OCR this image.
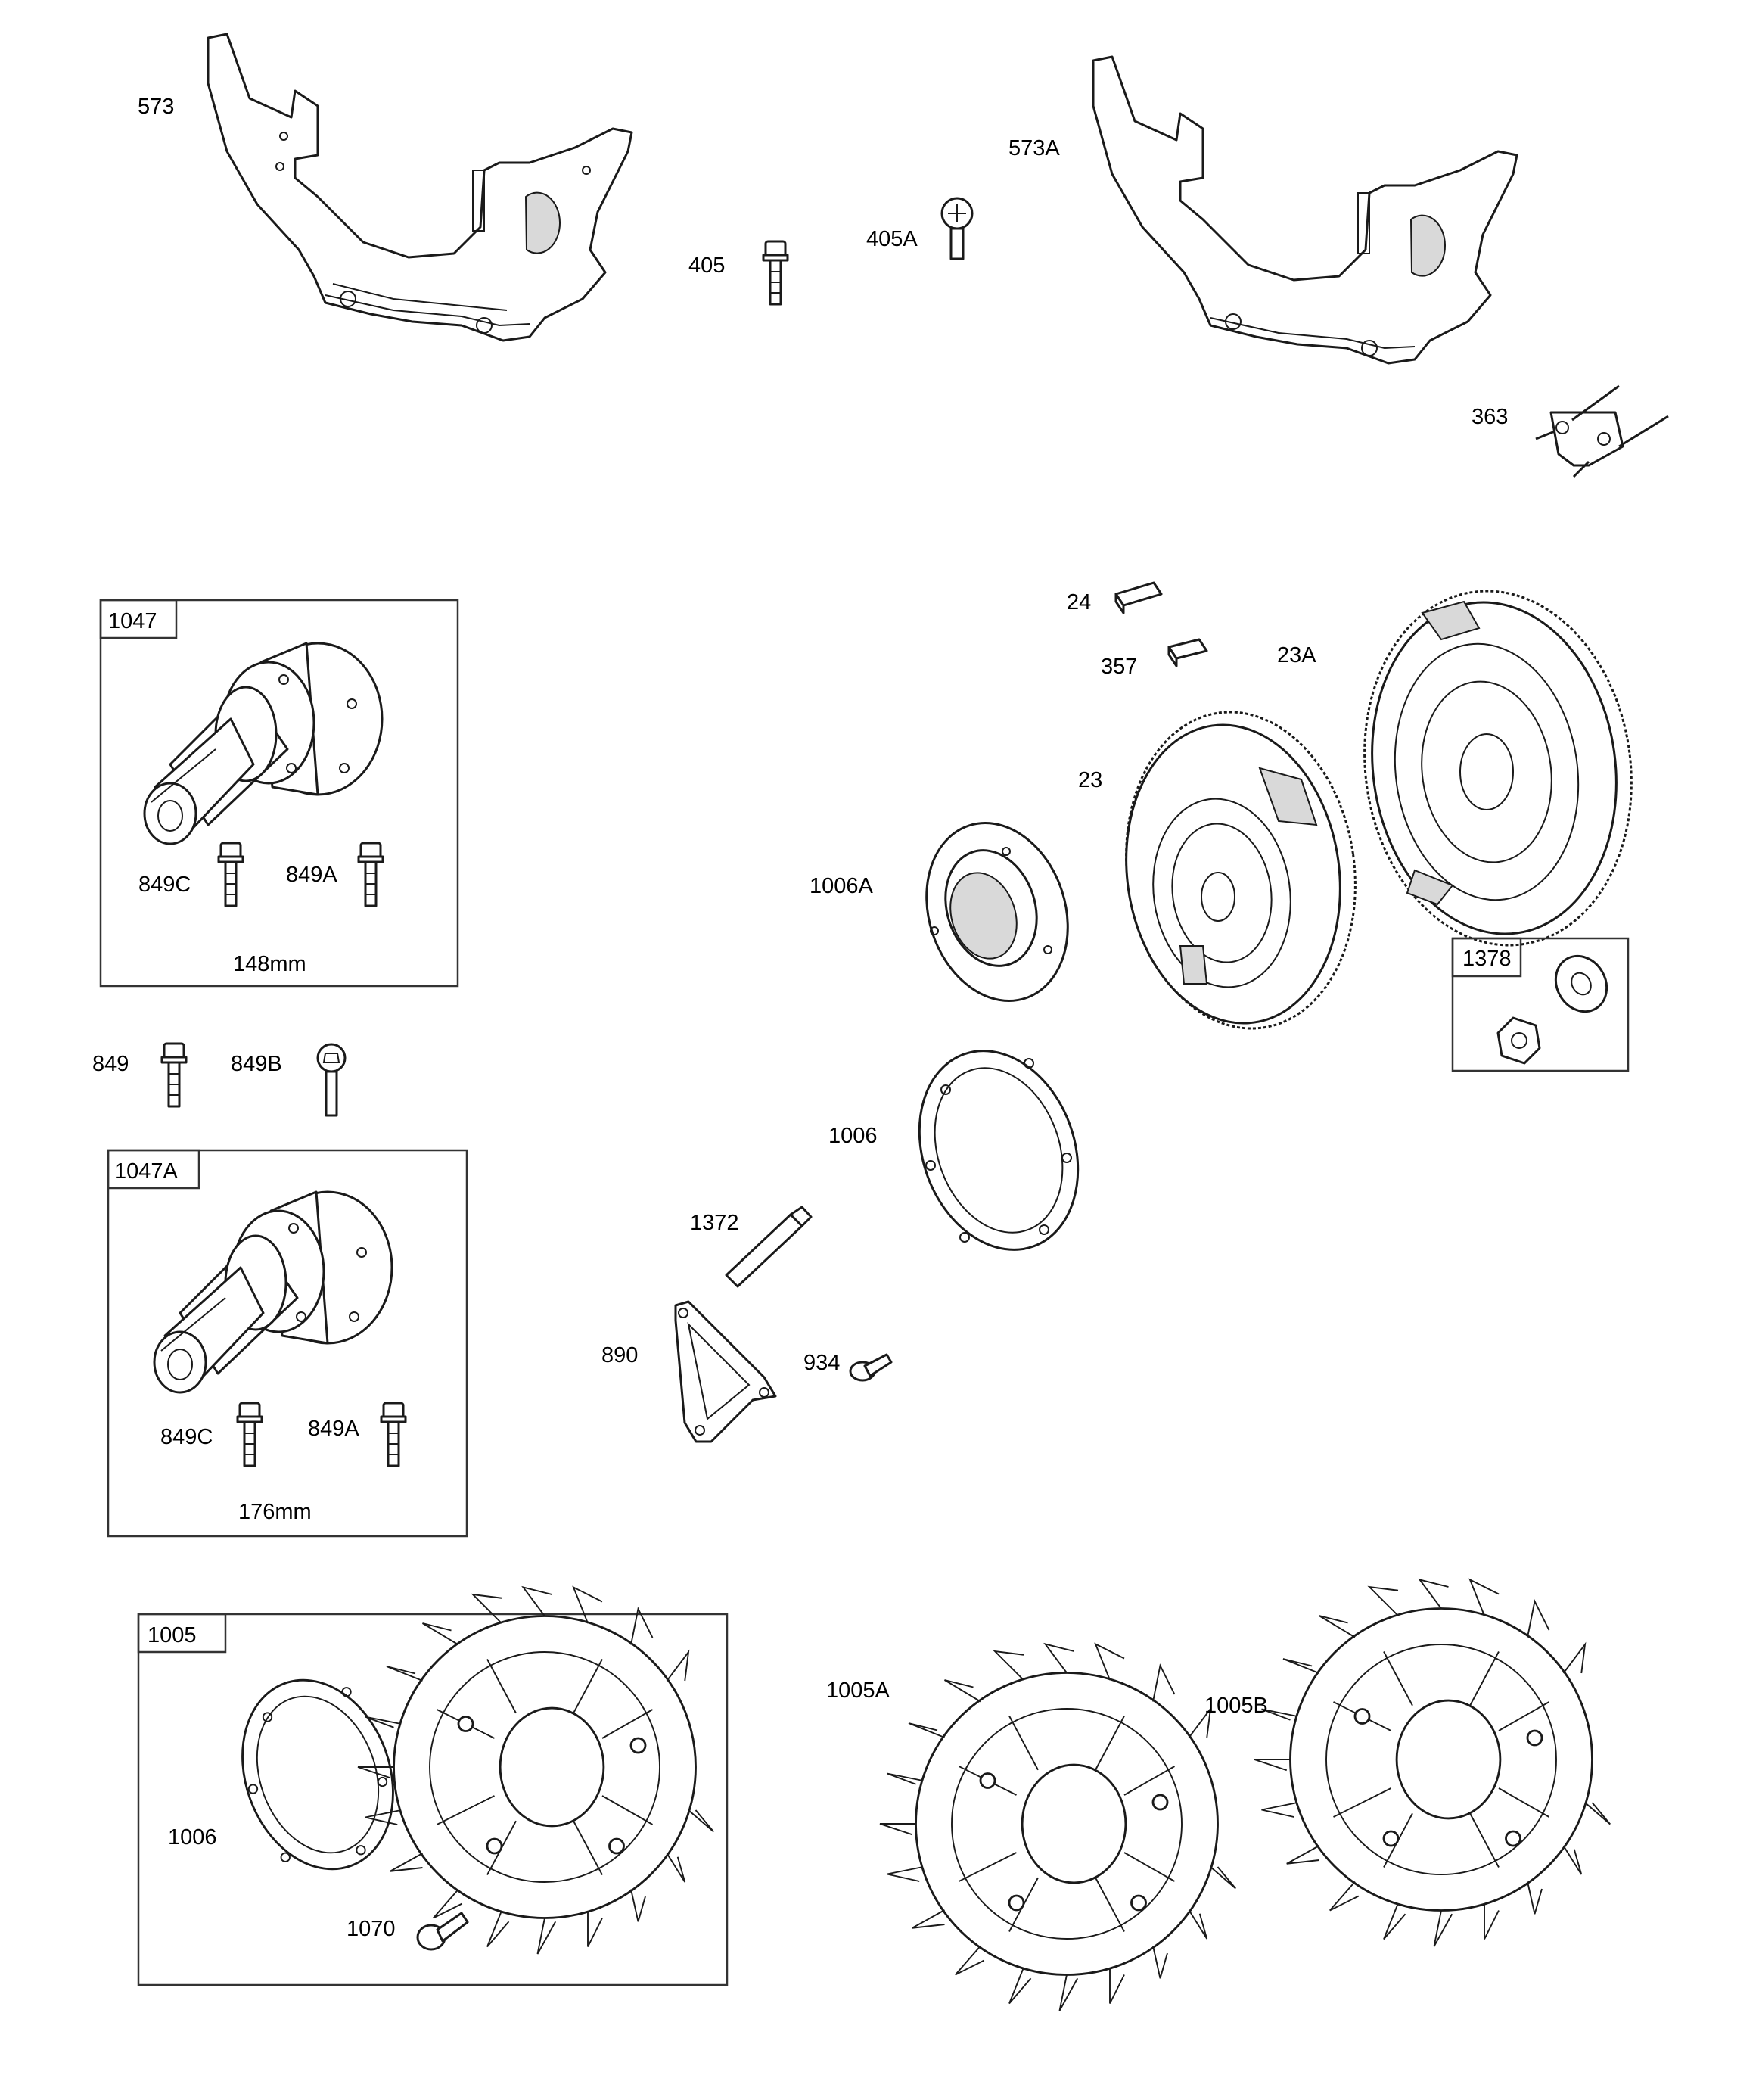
573
573A
405
405A
363
24
357	23A
23
1006A
1378
1006
1372
890	934
1047
849C	849A
148mm
849	849B
1047A
849C	849A
176mm
1005
1006
1070
1005A
1005B
